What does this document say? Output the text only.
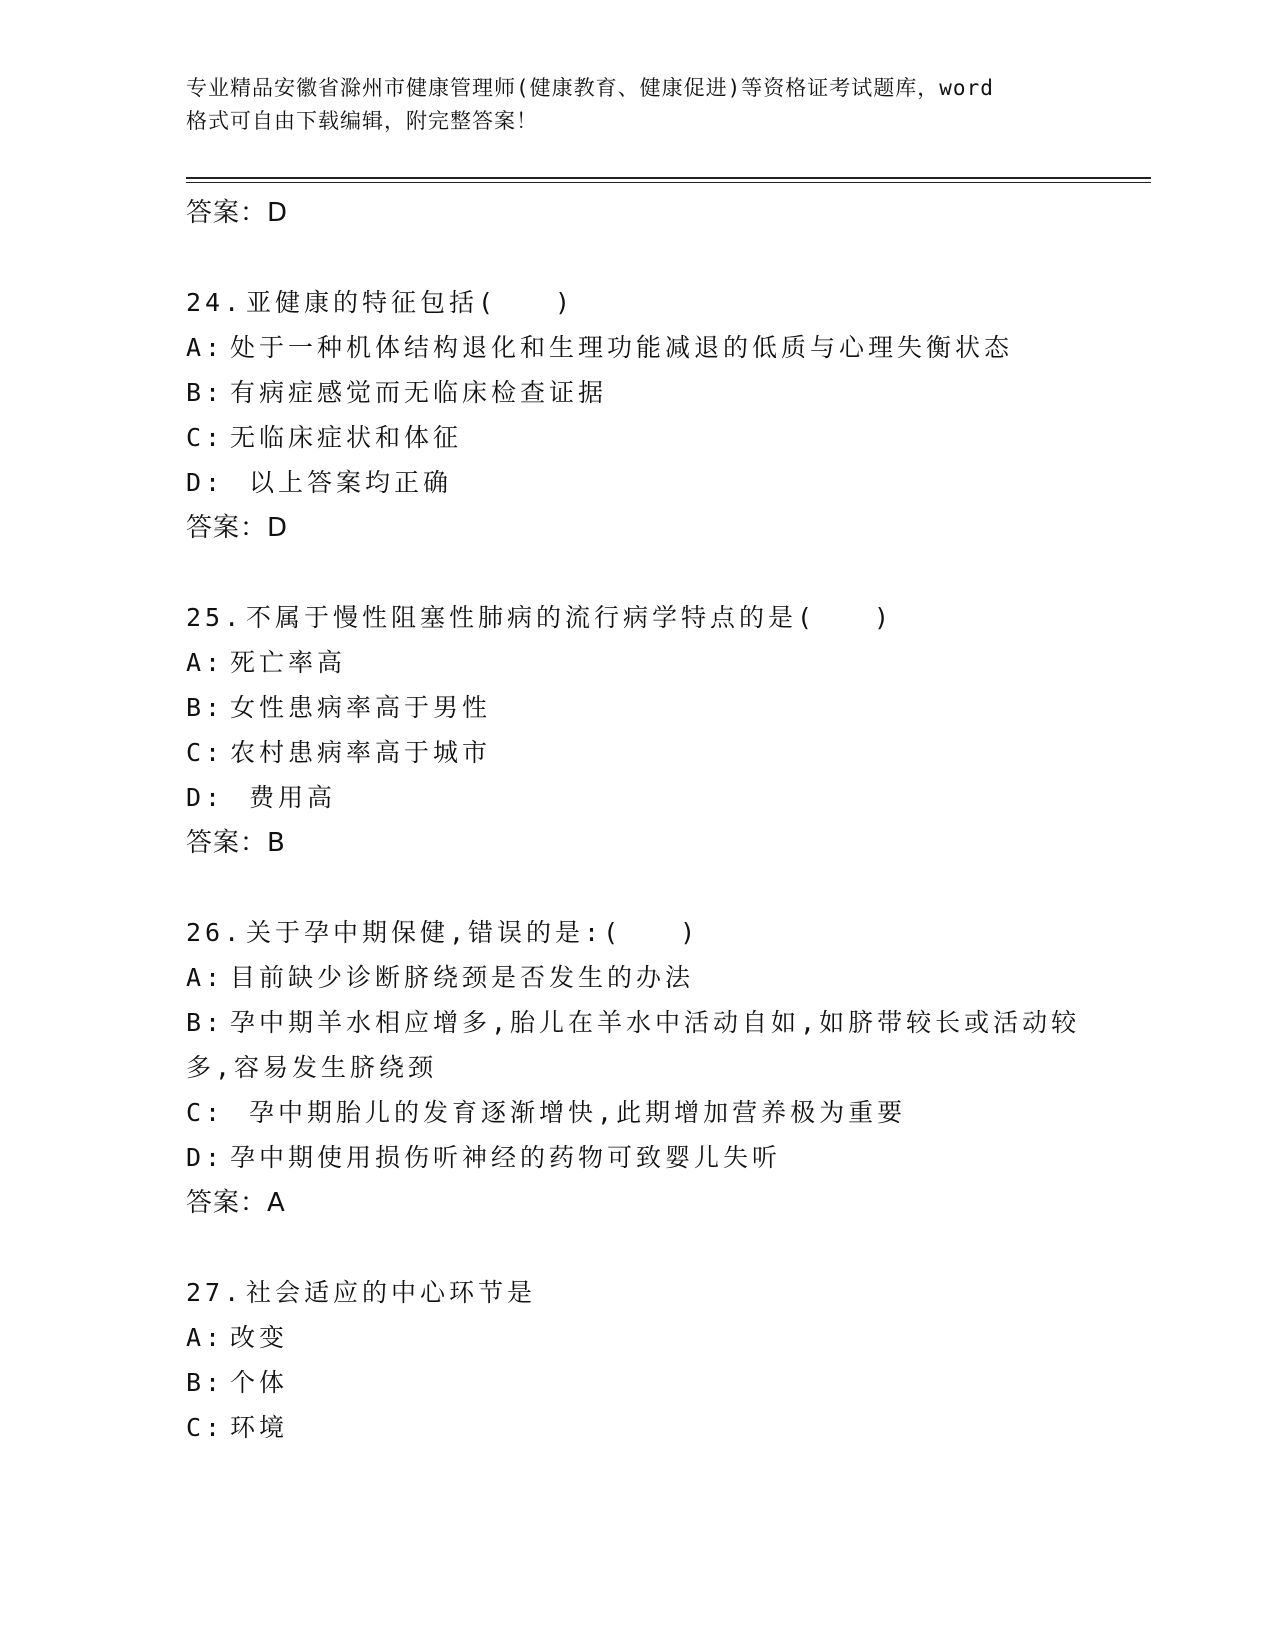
专业精品安徽省滁州市健康管理师(健康教育、健康促进)等资格证考试题库，word
格式可自由下载编辑，附完整答案！
答案：D
24. 亚健康的特征包括(　　)
A: 处于一种机体结构退化和生理功能减退的低质与心理失衡状态
B: 有病症感觉而无临床检查证据
C: 无临床症状和体征
D: 以上答案均正确
答案：D
25. 不属于慢性阻塞性肺病的流行病学特点的是(　　)
A: 死亡率高
B: 女性患病率高于男性
C: 农村患病率高于城市
D: 费用高
答案：B
26. 关于孕中期保健,错误的是:(　　)
A: 目前缺少诊断脐绕颈是否发生的办法
B: 孕中期羊水相应增多,胎儿在羊水中活动自如,如脐带较长或活动较多,容易发生脐绕颈
C: 孕中期胎儿的发育逐渐增快,此期增加营养极为重要
D: 孕中期使用损伤听神经的药物可致婴儿失听
答案：A
27. 社会适应的中心环节是
A: 改变
B: 个体
C: 环境
